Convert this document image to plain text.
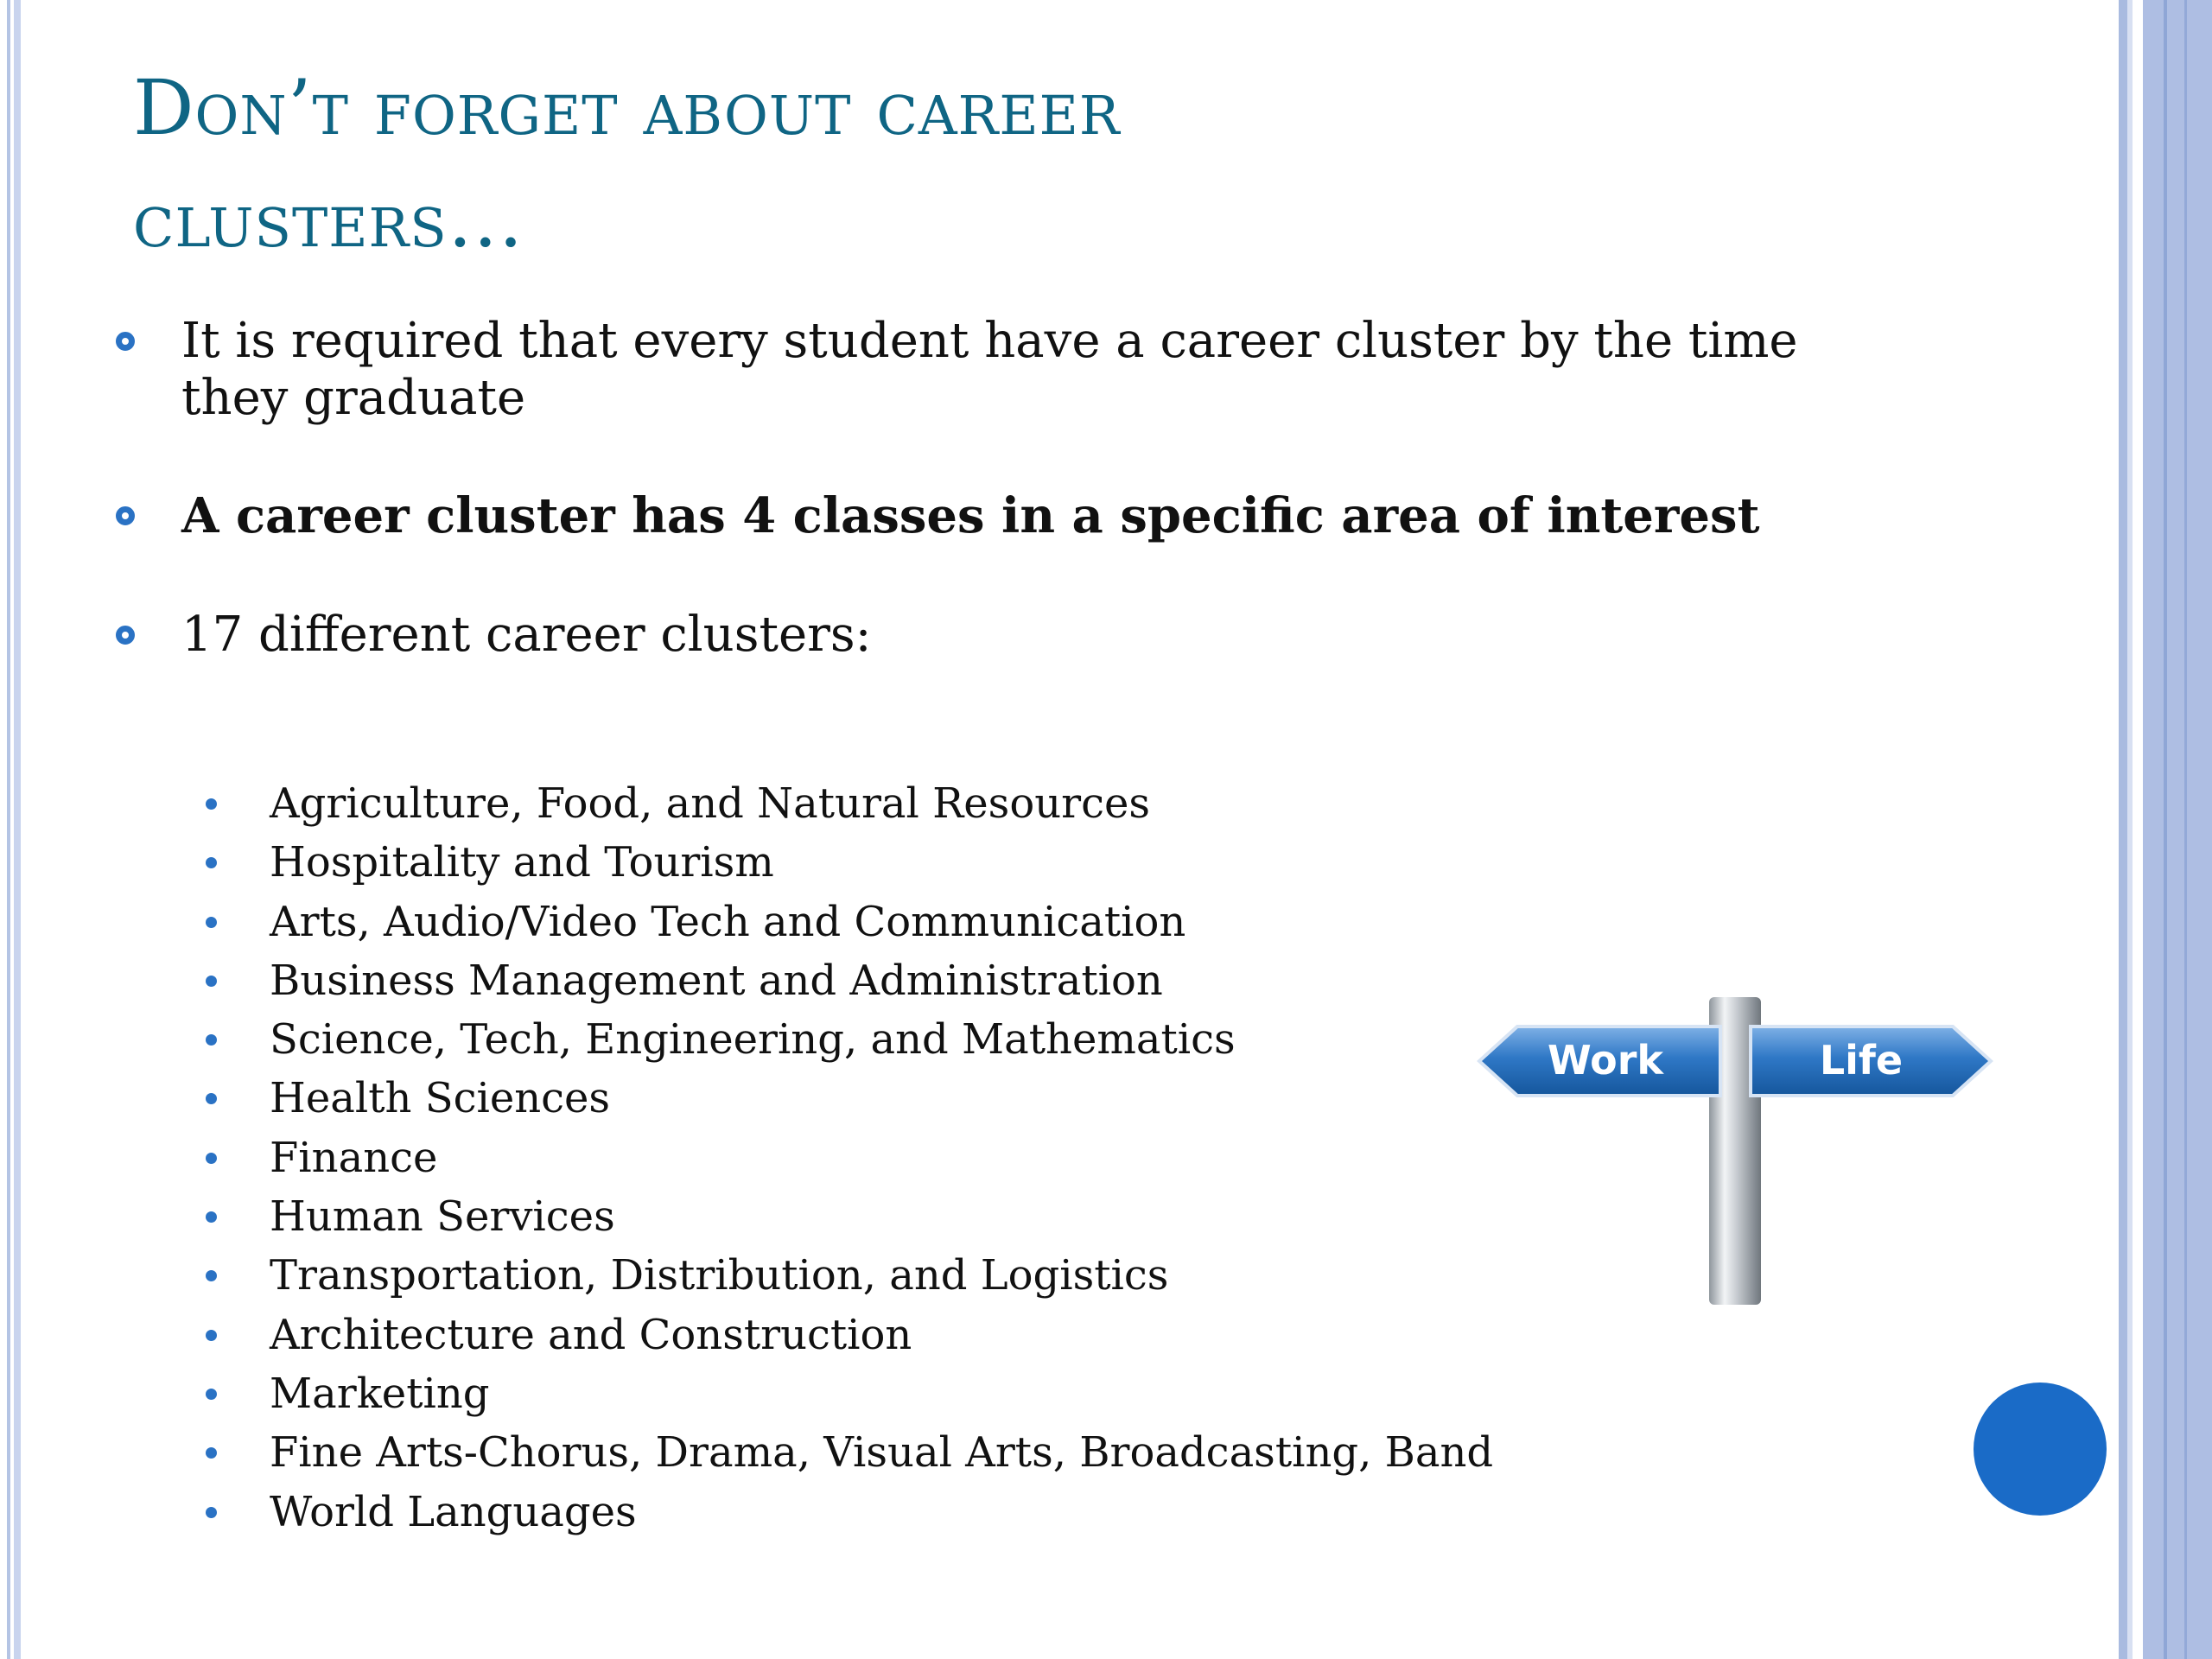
Don’t forget about career
clusters…
It is required that every student have a career cluster by the time they graduate
A career cluster has 4 classes in a specific area of interest
17 different career clusters:
Agriculture, Food, and Natural Resources
Hospitality and Tourism
Arts, Audio/Video Tech and Communication
Business Management and Administration
Science, Tech, Engineering, and Mathematics
Health Sciences
Finance
Human Services
Transportation, Distribution, and Logistics
Architecture and Construction
Marketing
Fine Arts-Chorus, Drama, Visual Arts, Broadcasting, Band
World Languages
Work	Life
